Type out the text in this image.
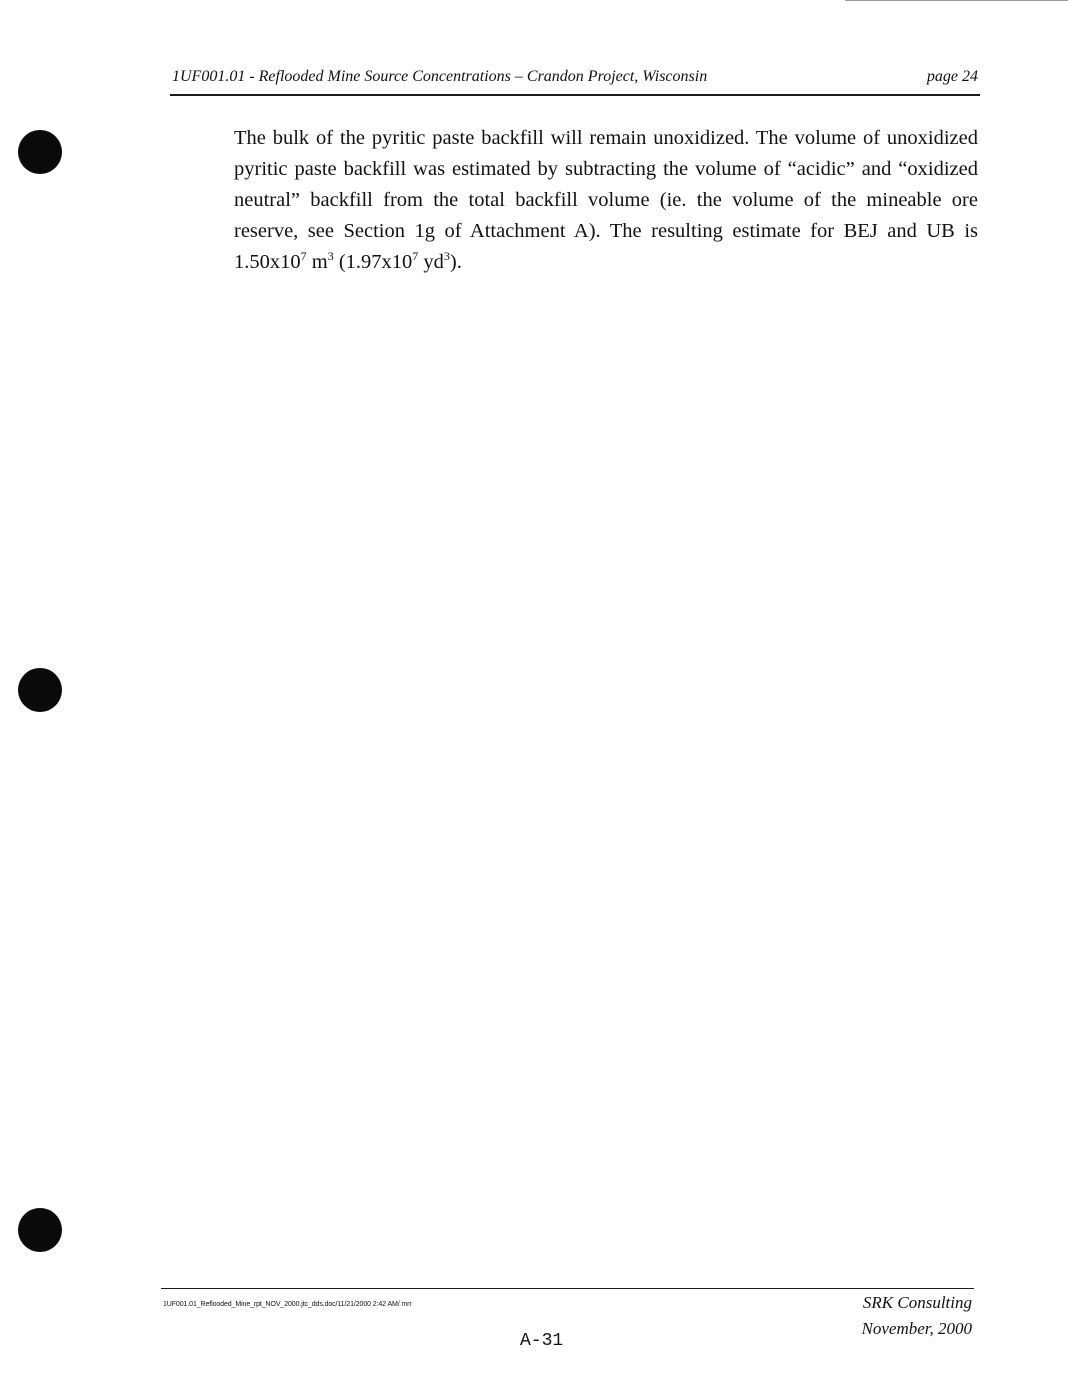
1UF001.01 - Reflooded Mine Source Concentrations – Crandon Project, Wisconsin	page 24

The bulk of the pyritic paste backfill will remain unoxidized. The volume of unoxidized pyritic paste backfill was estimated by subtracting the volume of “acidic” and “oxidized neutral” backfill from the total backfill volume (ie. the volume of the mineable ore reserve, see Section 1g of Attachment A). The resulting estimate for BEJ and UB is $1.50x10^7$ $m^3$ ($1.97x10^7$ $yd^3$).

1UF001.01_Reflooded_Mine_rpt_NOV_2000.jtc_dds.doc/11/21/2000 2:42 AM/ mrr	SRK Consulting
November, 2000
A-31
